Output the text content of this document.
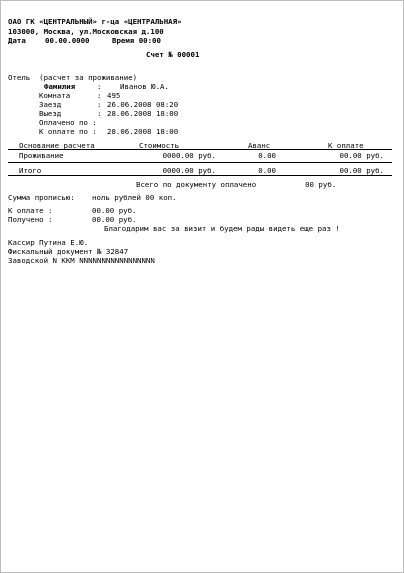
ОАО ГК «ЦЕНТРАЛЬНЫЙ» г-ца «ЦЕНТРАЛЬНАЯ»
103000, Москва, ул.Московская д.100
Дата	00.00.0000	Время 00:00
Счет № 00001
Отель  (расчет за проживание)
Фамилия	:	Иванов Ю.А.
Комната	: 495
Заезд	: 26.06.2008 08:20
Выезд	: 28.06.2008 18:00
Оплачено по :
К оплате по : 28.06.2008 18:00
Основание расчета	Стоимость	Аванс	К оплате
Проживание	0000.00 руб.	0.00	00.00 руб.
Итого	0000.00 руб.	0.00	00.00 руб.
Всего по документу оплачено           00 руб.
Сумма прописью: ноль рублей 00 коп.
К оплате :	00.00 руб.
Получено :	00.00 руб.
Благодарим вас за визит и будем рады видеть еще раз !
Кассир Путина Е.Ю.
Фискальный документ № 32847
Заводской N ККМ NNNNNNNNNNNNNNNNN
